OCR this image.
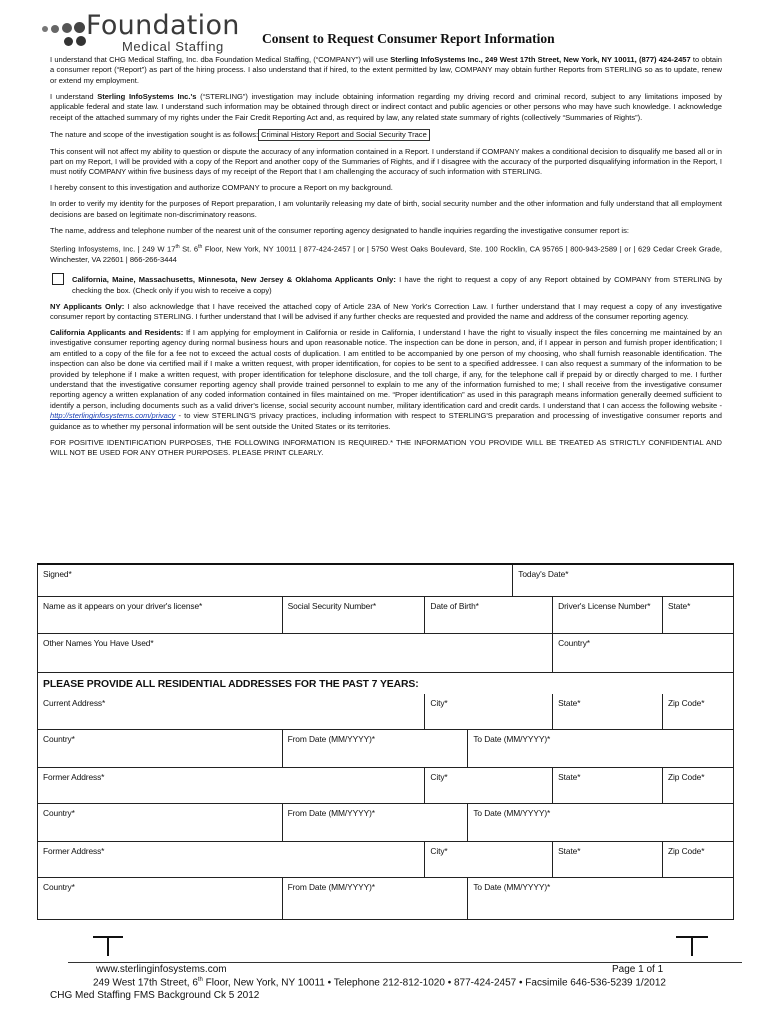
Foundation
Medical Staffing
Consent to Request Consumer Report Information

I understand that CHG Medical Staffing, Inc. dba Foundation Medical Staffing, (“COMPANY”) will use Sterling InfoSystems Inc., 249 West 17th Street, New York, NY 10011, (877) 424-2457 to obtain a consumer report (“Report”) as part of the hiring process. I also understand that if hired, to the extent permitted by law, COMPANY may obtain further Reports from STERLING so as to update, renew or extend my employment.

I understand Sterling InfoSystems Inc.'s (“STERLING”) investigation may include obtaining information regarding my driving record and criminal record, subject to any limitations imposed by applicable federal and state law. I understand such information may be obtained through direct or indirect contact and public agencies or other persons who may have such knowledge. I acknowledge receipt of the attached summary of my rights under the Fair Credit Reporting Act and, as required by law, any related state summary of rights (collectively “Summaries of Rights”).

The nature and scope of the investigation sought is as follows: Criminal History Report and Social Security Trace

This consent will not affect my ability to question or dispute the accuracy of any information contained in a Report. I understand if COMPANY makes a conditional decision to disqualify me based all or in part on my Report, I will be provided with a copy of the Report and another copy of the Summaries of Rights, and if I disagree with the accuracy of the purported disqualifying information in the Report, I must notify COMPANY within five business days of my receipt of the Report that I am challenging the accuracy of such information with STERLING.

I hereby consent to this investigation and authorize COMPANY to procure a Report on my background.

In order to verify my identity for the purposes of Report preparation, I am voluntarily releasing my date of birth, social security number and the other information and fully understand that all employment decisions are based on legitimate non-discriminatory reasons.

The name, address and telephone number of the nearest unit of the consumer reporting agency designated to handle inquiries regarding the investigative consumer report is:

Sterling Infosystems, Inc. | 249 W 17th St. 6th Floor, New York, NY 10011 | 877-424-2457 | or | 5750 West Oaks Boulevard, Ste. 100 Rocklin, CA 95765 | 800-943-2589 | or | 629 Cedar Creek Grade, Winchester, VA 22601 | 866-266-3444

California, Maine, Massachusetts, Minnesota, New Jersey & Oklahoma Applicants Only: I have the right to request a copy of any Report obtained by COMPANY from STERLING by checking the box. (Check only if you wish to receive a copy)

NY Applicants Only: I also acknowledge that I have received the attached copy of Article 23A of New York's Correction Law. I further understand that I may request a copy of any investigative consumer report by contacting STERLING. I further understand that I will be advised if any further checks are requested and provided the name and address of the consumer reporting agency.

California Applicants and Residents: If I am applying for employment in California or reside in California, I understand I have the right to visually inspect the files concerning me maintained by an investigative consumer reporting agency during normal business hours and upon reasonable notice. The inspection can be done in person, and, if I appear in person and furnish proper identification; I am entitled to a copy of the file for a fee not to exceed the actual costs of duplication. I am entitled to be accompanied by one person of my choosing, who shall furnish reasonable identification. The inspection can also be done via certified mail if I make a written request, with proper identification, for copies to be sent to a specified addressee. I can also request a summary of the information to be provided by telephone if I make a written request, with proper identification for telephone disclosure, and the toll charge, if any, for the telephone call if prepaid by or directly charged to me. I further understand that the investigative consumer reporting agency shall provide trained personnel to explain to me any of the information furnished to me; I shall receive from the investigative consumer reporting agency a written explanation of any coded information contained in files maintained on me. “Proper identification” as used in this paragraph means information generally deemed sufficient to identify a person, including documents such as a valid driver's license, social security account number, military identification card and credit cards. I understand that I can access the following website - http://sterlinginfosystems.com/privacy - to view STERLING'S privacy practices, including information with respect to STERLING'S preparation and processing of investigative consumer reports and guidance as to whether my personal information will be sent outside the United States or its territories.

FOR POSITIVE IDENTIFICATION PURPOSES, THE FOLLOWING INFORMATION IS REQUIRED.* THE INFORMATION YOU PROVIDE WILL BE TREATED AS STRICTLY CONFIDENTIAL AND WILL NOT BE USED FOR ANY OTHER PURPOSES. PLEASE PRINT CLEARLY.

Signed*				Today's Date*		
Name as it appears on your driver's license*	Social Security Number*	Date of Birth*			Driver's License Number*	State*
Other Names You Have Used*					Country*	
PLEASE PROVIDE ALL RESIDENTIAL ADDRESSES FOR THE PAST 7 YEARS:						
Current Address*		City*			State*	Zip Code*
Country*	From Date (MM/YYYY)*		To Date (MM/YYYY)*			
Former Address*		City*			State*	Zip Code*
Country*	From Date (MM/YYYY)*		To Date (MM/YYYY)*			
Former Address*		City*			State*	Zip Code*
Country*	From Date (MM/YYYY)*		To Date (MM/YYYY)*			
www.sterlinginfosystems.com	Page 1 of 1
249 West 17th Street, 6th Floor, New York, NY 10011 • Telephone 212-812-1020 • 877-424-2457 • Facsimile 646-536-5239 1/2012
CHG Med Staffing FMS Background Ck 5 2012
